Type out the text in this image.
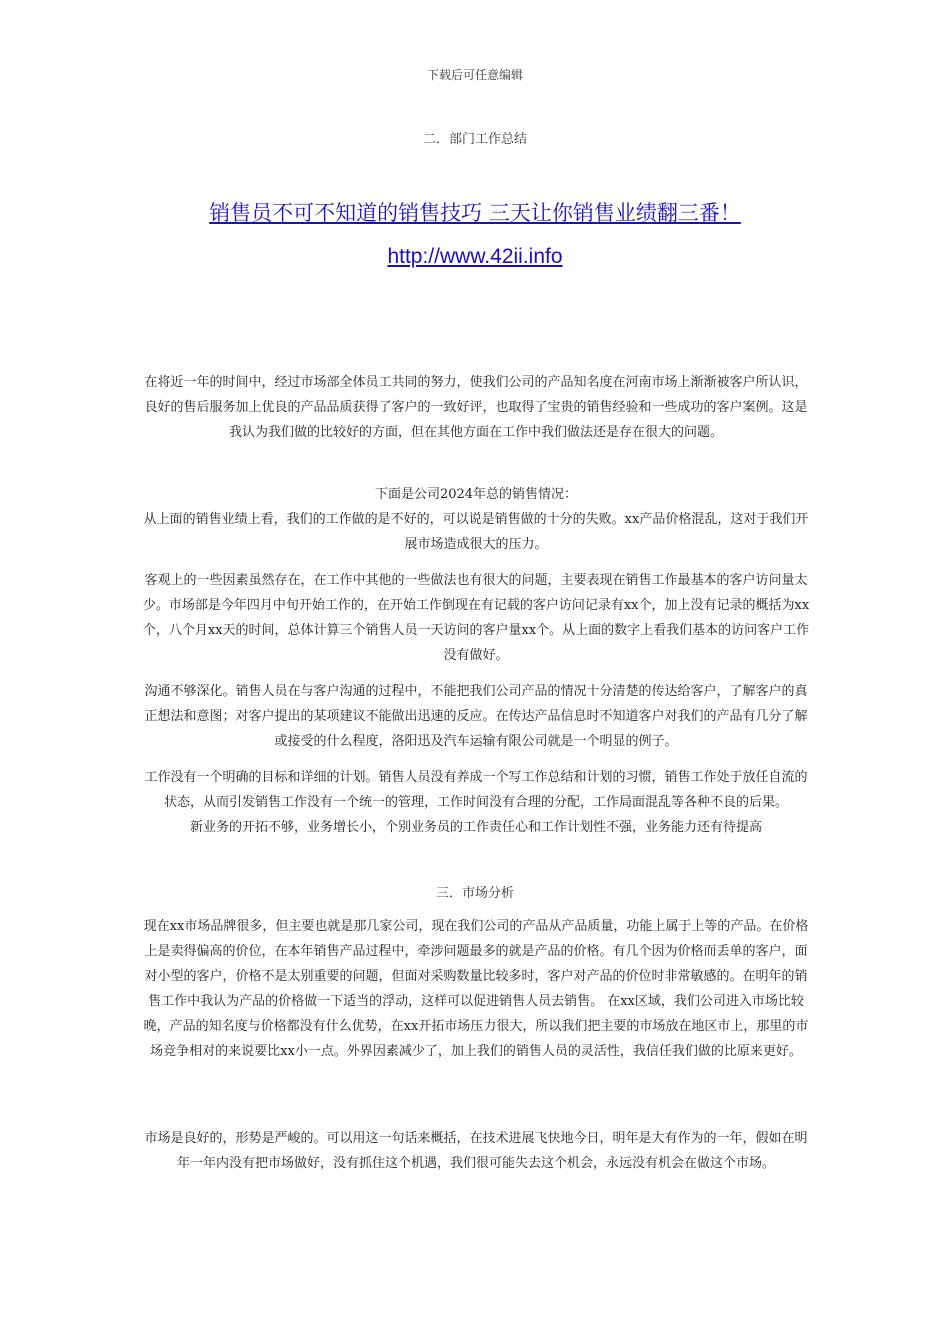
下载后可任意编辑
二．部门工作总结
销售员不可不知道的销售技巧 三天让你销售业绩翻三番！
http://www.42ii.info

在将近一年的时间中，经过市场部全体员工共同的努力，使我们公司的产品知名度在河南市场上渐渐被客户所认识，良好的售后服务加上优良的产品品质获得了客户的一致好评，也取得了宝贵的销售经验和一些成功的客户案例。这是我认为我们做的比较好的方面，但在其他方面在工作中我们做法还是存在很大的问题。

下面是公司2024年总的销售情况：

从上面的销售业绩上看，我们的工作做的是不好的，可以说是销售做的十分的失败。xx产品价格混乱，这对于我们开展市场造成很大的压力。

客观上的一些因素虽然存在，在工作中其他的一些做法也有很大的问题，主要表现在销售工作最基本的客户访问量太少。市场部是今年四月中旬开始工作的，在开始工作倒现在有记载的客户访问记录有xx个，加上没有记录的概括为xx个，八个月xx天的时间，总体计算三个销售人员一天访问的客户量xx个。从上面的数字上看我们基本的访问客户工作没有做好。

沟通不够深化。销售人员在与客户沟通的过程中，不能把我们公司产品的情况十分清楚的传达给客户，了解客户的真正想法和意图；对客户提出的某项建议不能做出迅速的反应。在传达产品信息时不知道客户对我们的产品有几分了解或接受的什么程度，洛阳迅及汽车运输有限公司就是一个明显的例子。

工作没有一个明确的目标和详细的计划。销售人员没有养成一个写工作总结和计划的习惯，销售工作处于放任自流的状态，从而引发销售工作没有一个统一的管理，工作时间没有合理的分配，工作局面混乱等各种不良的后果。

新业务的开拓不够，业务增长小，个别业务员的工作责任心和工作计划性不强，业务能力还有待提高

三．市场分析

现在xx市场品牌很多，但主要也就是那几家公司，现在我们公司的产品从产品质量，功能上属于上等的产品。在价格上是卖得偏高的价位，在本年销售产品过程中，牵涉问题最多的就是产品的价格。有几个因为价格而丢单的客户，面对小型的客户，价格不是太别重要的问题，但面对采购数量比较多时，客户对产品的价位时非常敏感的。在明年的销售工作中我认为产品的价格做一下适当的浮动，这样可以促进销售人员去销售。 在xx区域，我们公司进入市场比较晚，产品的知名度与价格都没有什么优势，在xx开拓市场压力很大，所以我们把主要的市场放在地区市上，那里的市场竞争相对的来说要比xx小一点。外界因素减少了，加上我们的销售人员的灵活性，我信任我们做的比原来更好。

市场是良好的，形势是严峻的。可以用这一句话来概括，在技术进展飞快地今日，明年是大有作为的一年，假如在明年一年内没有把市场做好，没有抓住这个机遇，我们很可能失去这个机会，永远没有机会在做这个市场。
